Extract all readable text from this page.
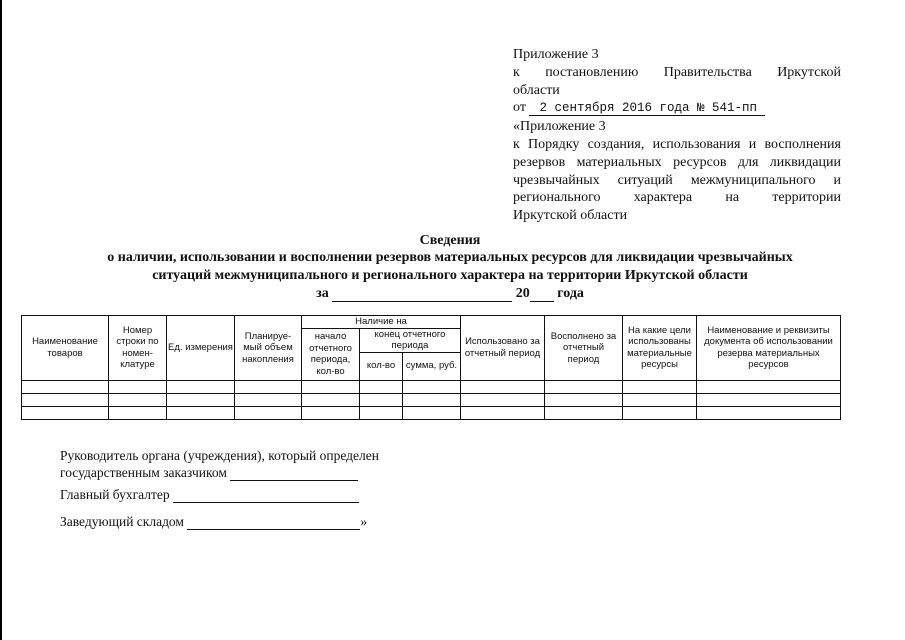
Приложение 3
к постановлению Правительства Иркутской
области
от 2 сентября 2016 года № 541-пп
«Приложение 3
к Порядку создания, использования и восполнения
резервов материальных ресурсов для ликвидации
чрезвычайных ситуаций межмуниципального и
регионального характера на территории
Иркутской области
Сведения
о наличии, использовании и восполнении резервов материальных ресурсов для ликвидации чрезвычайных
ситуаций межмуниципального и регионального характера на территории Иркутской области
за	20 года
Наименование товаров	Номер строки по номен-клатуре	Ед. измерения	Планируе-мый объем накопления	Наличие на			Использовано за отчетный период	Восполнено за отчетный период	На какие цели использованы материальные ресурсы	Наименование и реквизиты документа об использовании резерва материальных ресурсов
				начало отчетного периода, кол-во	конец отчетного периода					
					кол-во	сумма, руб.				

Руководитель органа (учреждения), который определен
государственным заказчиком
Главный бухгалтер
Заведующий складом	»
